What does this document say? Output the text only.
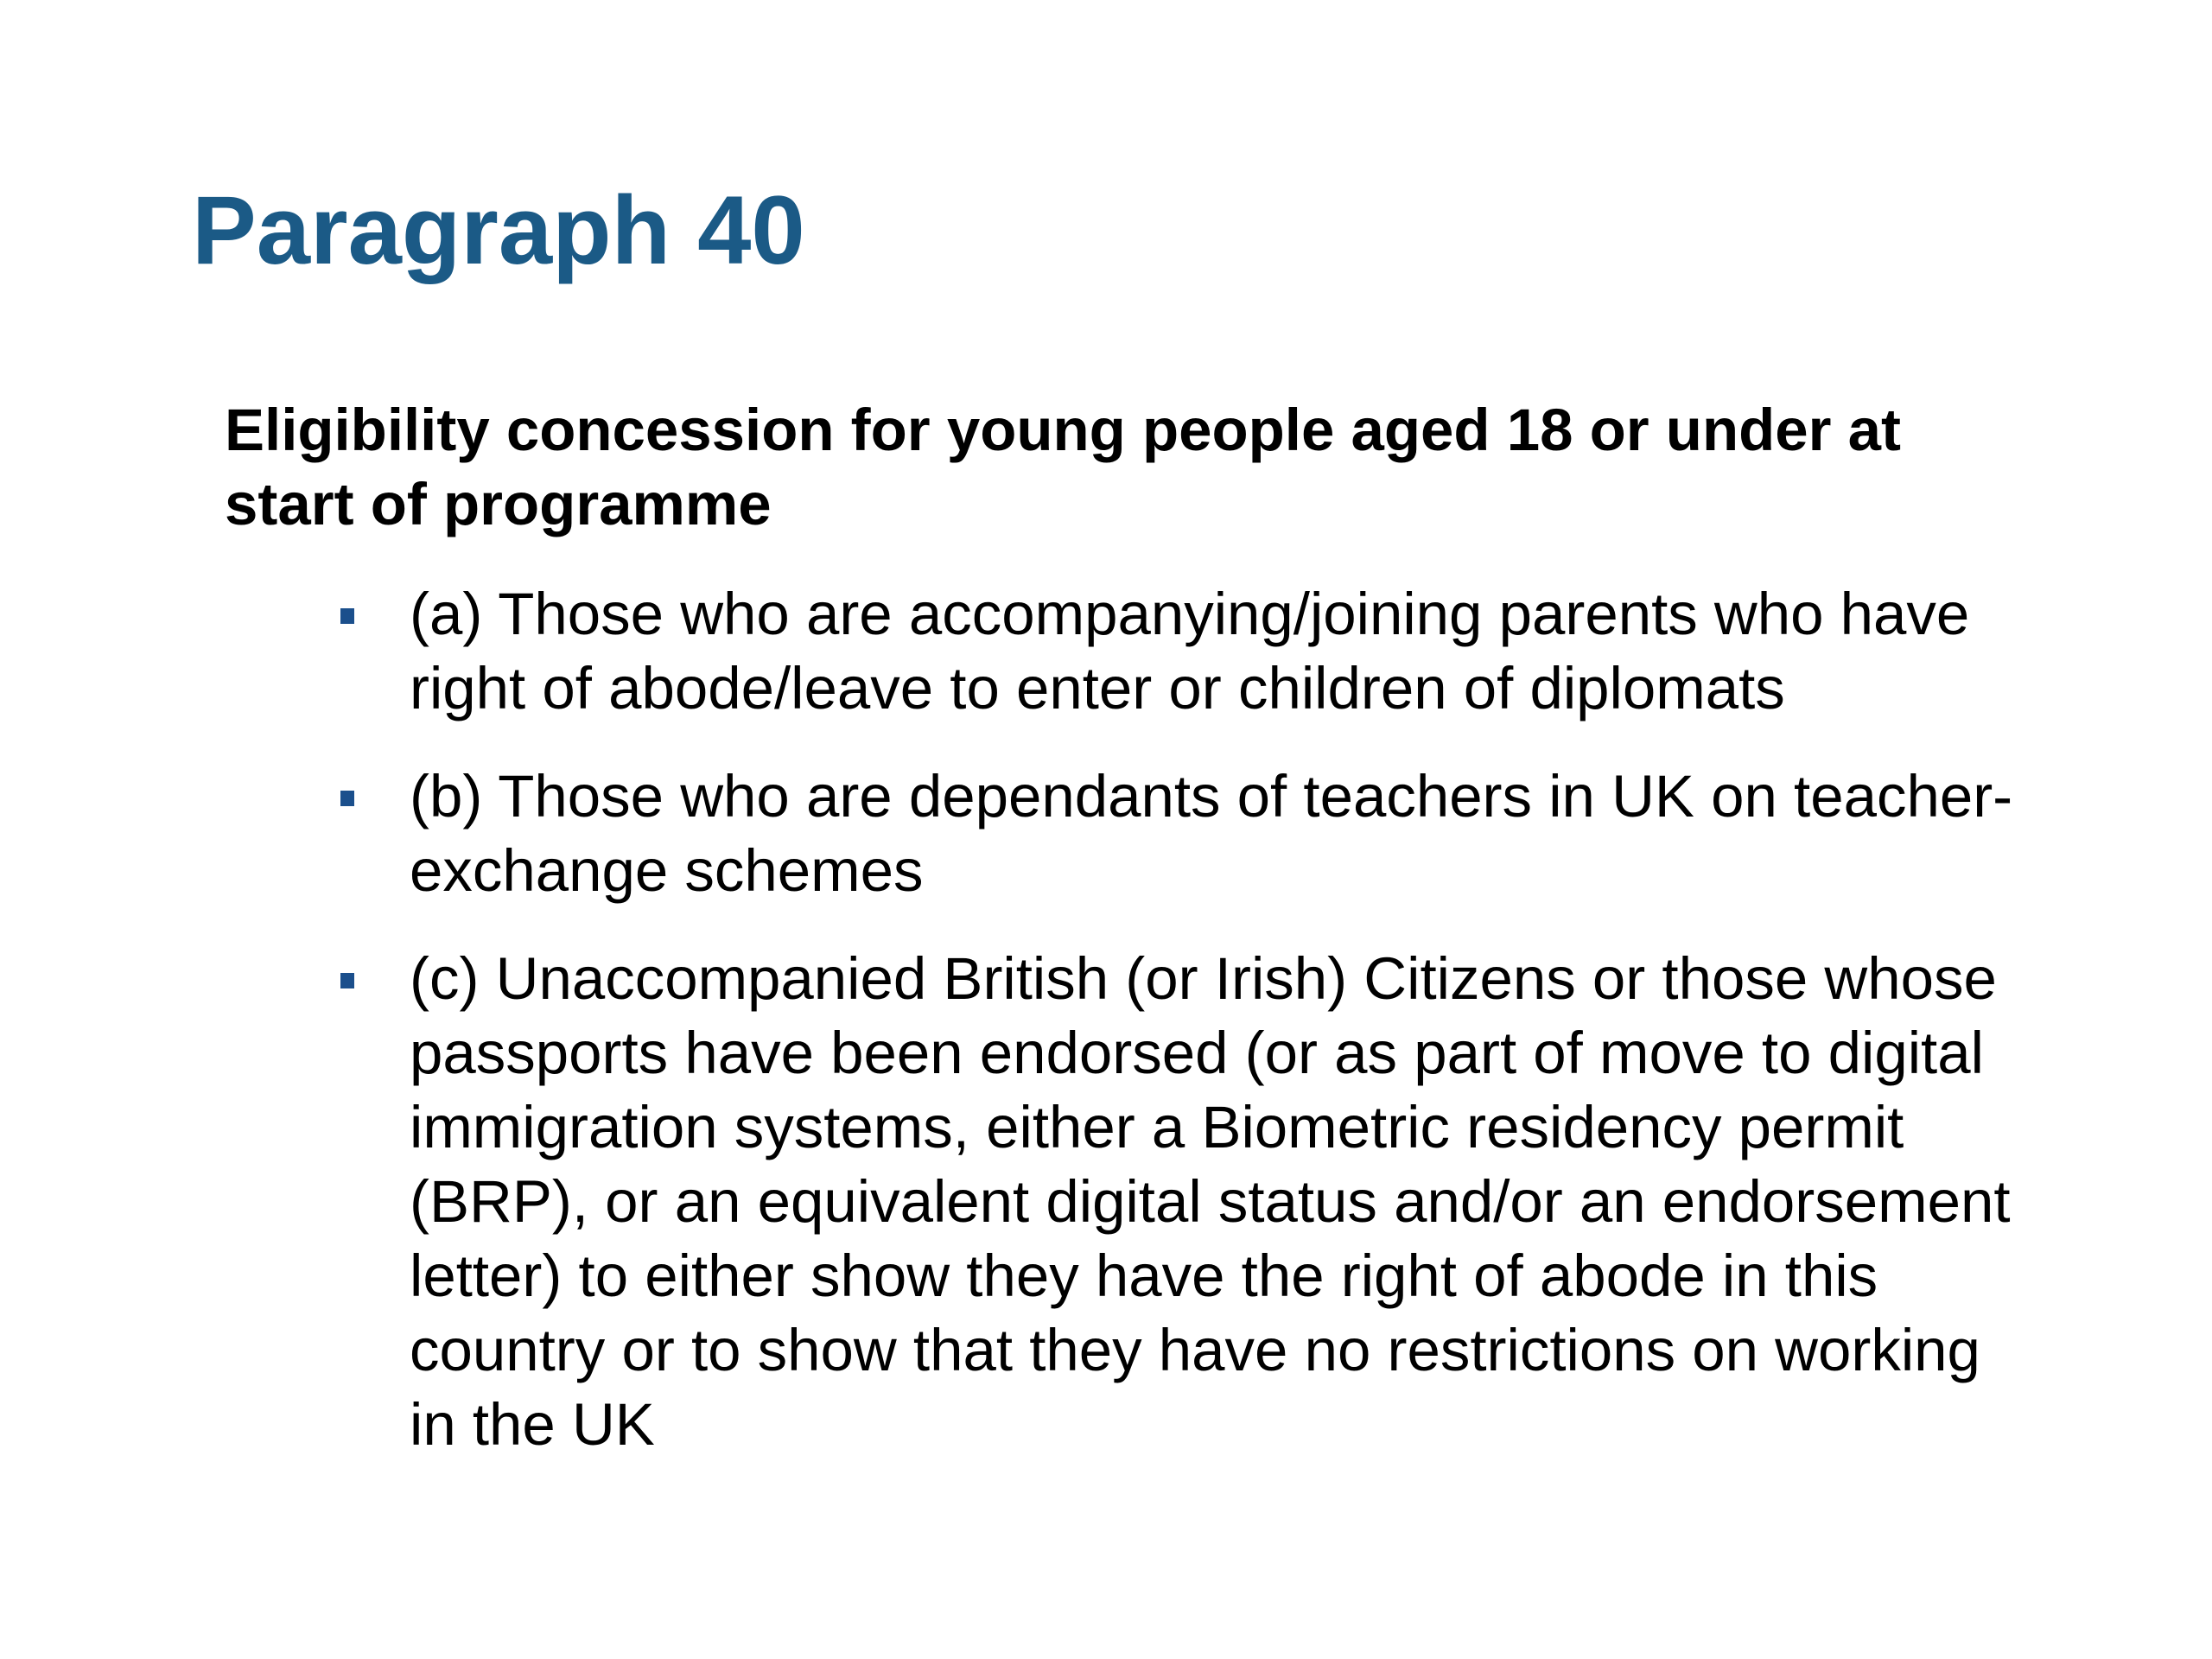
Paragraph 40

Eligibility concession for young people aged 18 or under at start of programme

(a) Those who are accompanying/joining parents who have right of abode/leave to enter or children of diplomats
(b) Those who are dependants of teachers in UK on teacher- exchange schemes
(c) Unaccompanied British (or Irish) Citizens or those whose passports have been endorsed (or as part of move to digital immigration systems, either a Biometric residency permit (BRP), or an equivalent digital status and/or an endorsement letter) to either show they have the right of abode in this country or to show that they have no restrictions on working in the UK
